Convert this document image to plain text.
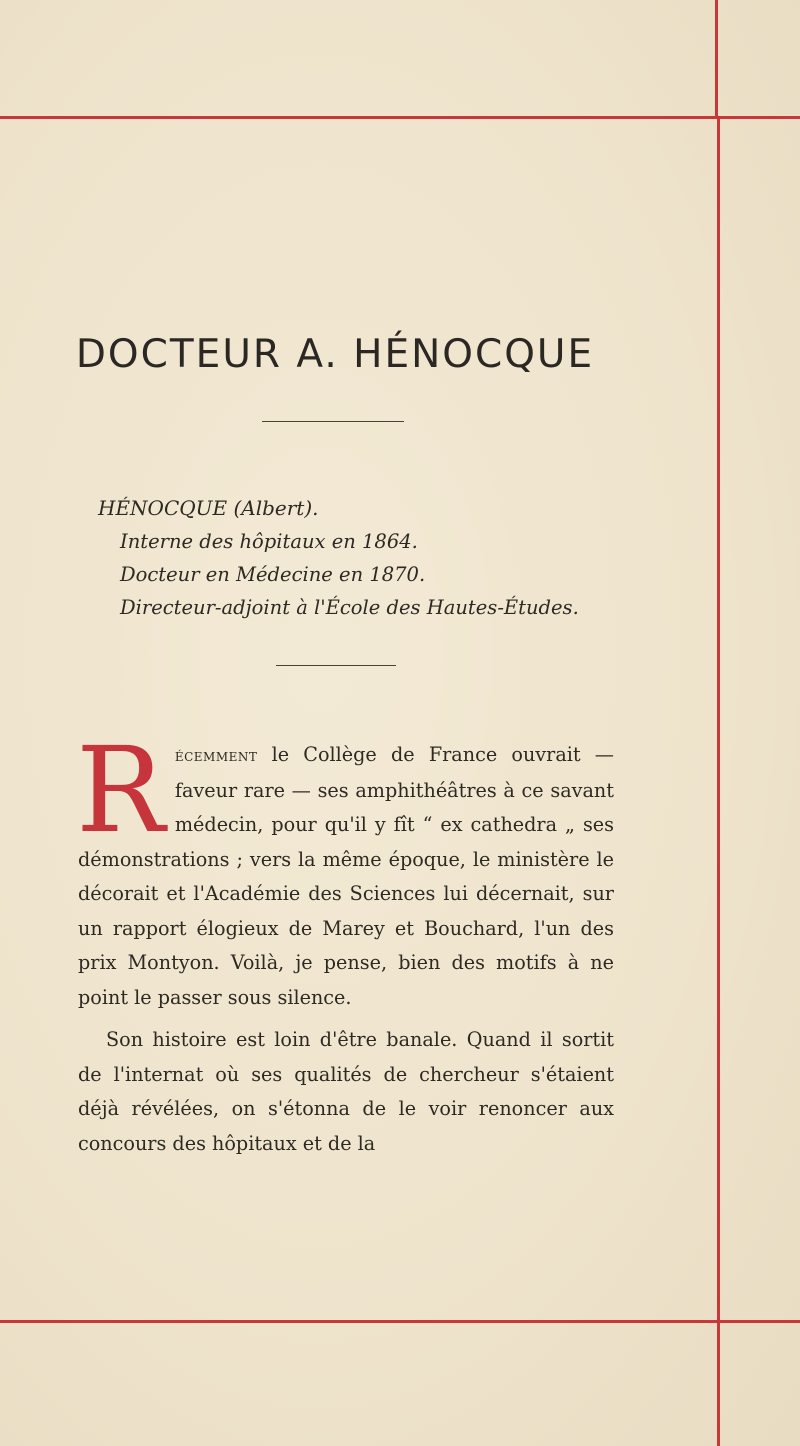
DOCTEUR A. HÉNOCQUE
HÉNOCQUE (Albert).
Interne des hôpitaux en 1864.
Docteur en Médecine en 1870.
Directeur-adjoint à l'École des Hautes-Études.

Récemment le Collège de France ouvrait — faveur rare — ses amphithéâtres à ce savant médecin, pour qu'il y fît “ ex cathedra „ ses démonstrations ; vers la même époque, le ministère le décorait et l'Académie des Sciences lui décernait, sur un rapport élogieux de Marey et Bouchard, l'un des prix Montyon. Voilà, je pense, bien des motifs à ne point le passer sous silence.

Son histoire est loin d'être banale. Quand il sortit de l'internat où ses qualités de chercheur s'étaient déjà révélées, on s'étonna de le voir renoncer aux concours des hôpitaux et de la
